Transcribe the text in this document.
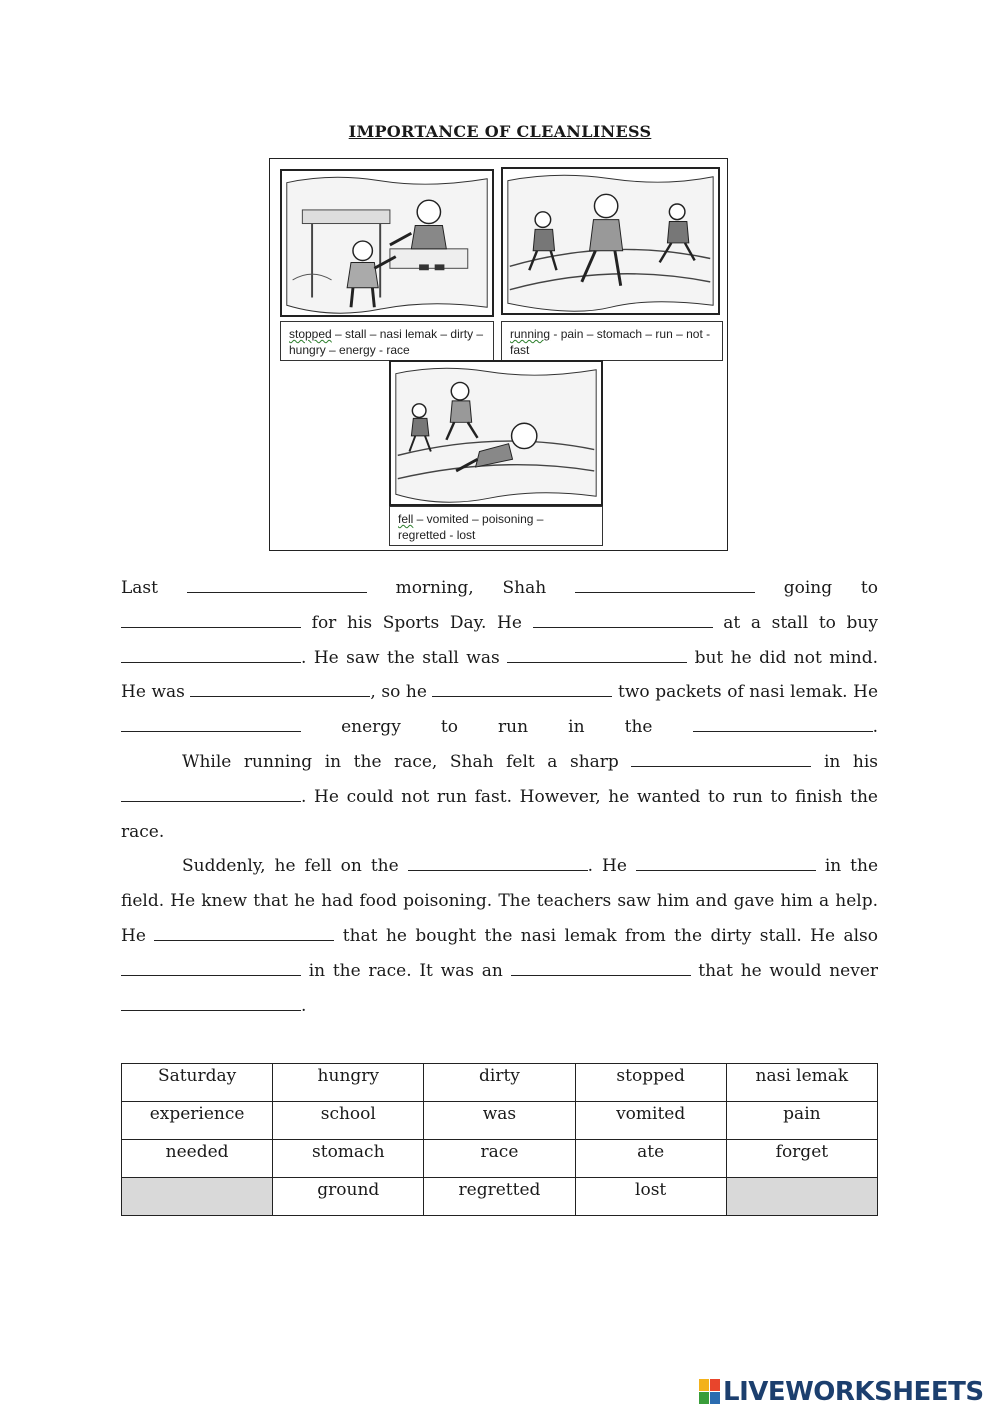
IMPORTANCE OF CLEANLINESS
stopped – stall – nasi lemak – dirty – hungry – energy - race
running - pain – stomach – run – not - fast
fell – vomited – poisoning – regretted - lost

Last	morning, Shah	going to  for his Sports Day. He	at a stall to buy . He saw the stall was	but he did not mind. He was	, so he	two packets of nasi lemak. He  energy to run in the	.

While running in the race, Shah felt a sharp	in his . He could not run fast. However, he wanted to run to finish the race.

Suddenly, he fell on the	. He	in the field. He knew that he had food poisoning. The teachers saw him and gave him a help. He	that he bought the nasi lemak from the dirty stall. He also  in the race. It was an	that he would never .

Saturday	hungry	dirty	stopped	nasi lemak
experience	school	was	vomited	pain
needed	stomach	race	ate	forget
	ground	regretted	lost	
LIVEWORKSHEETS
